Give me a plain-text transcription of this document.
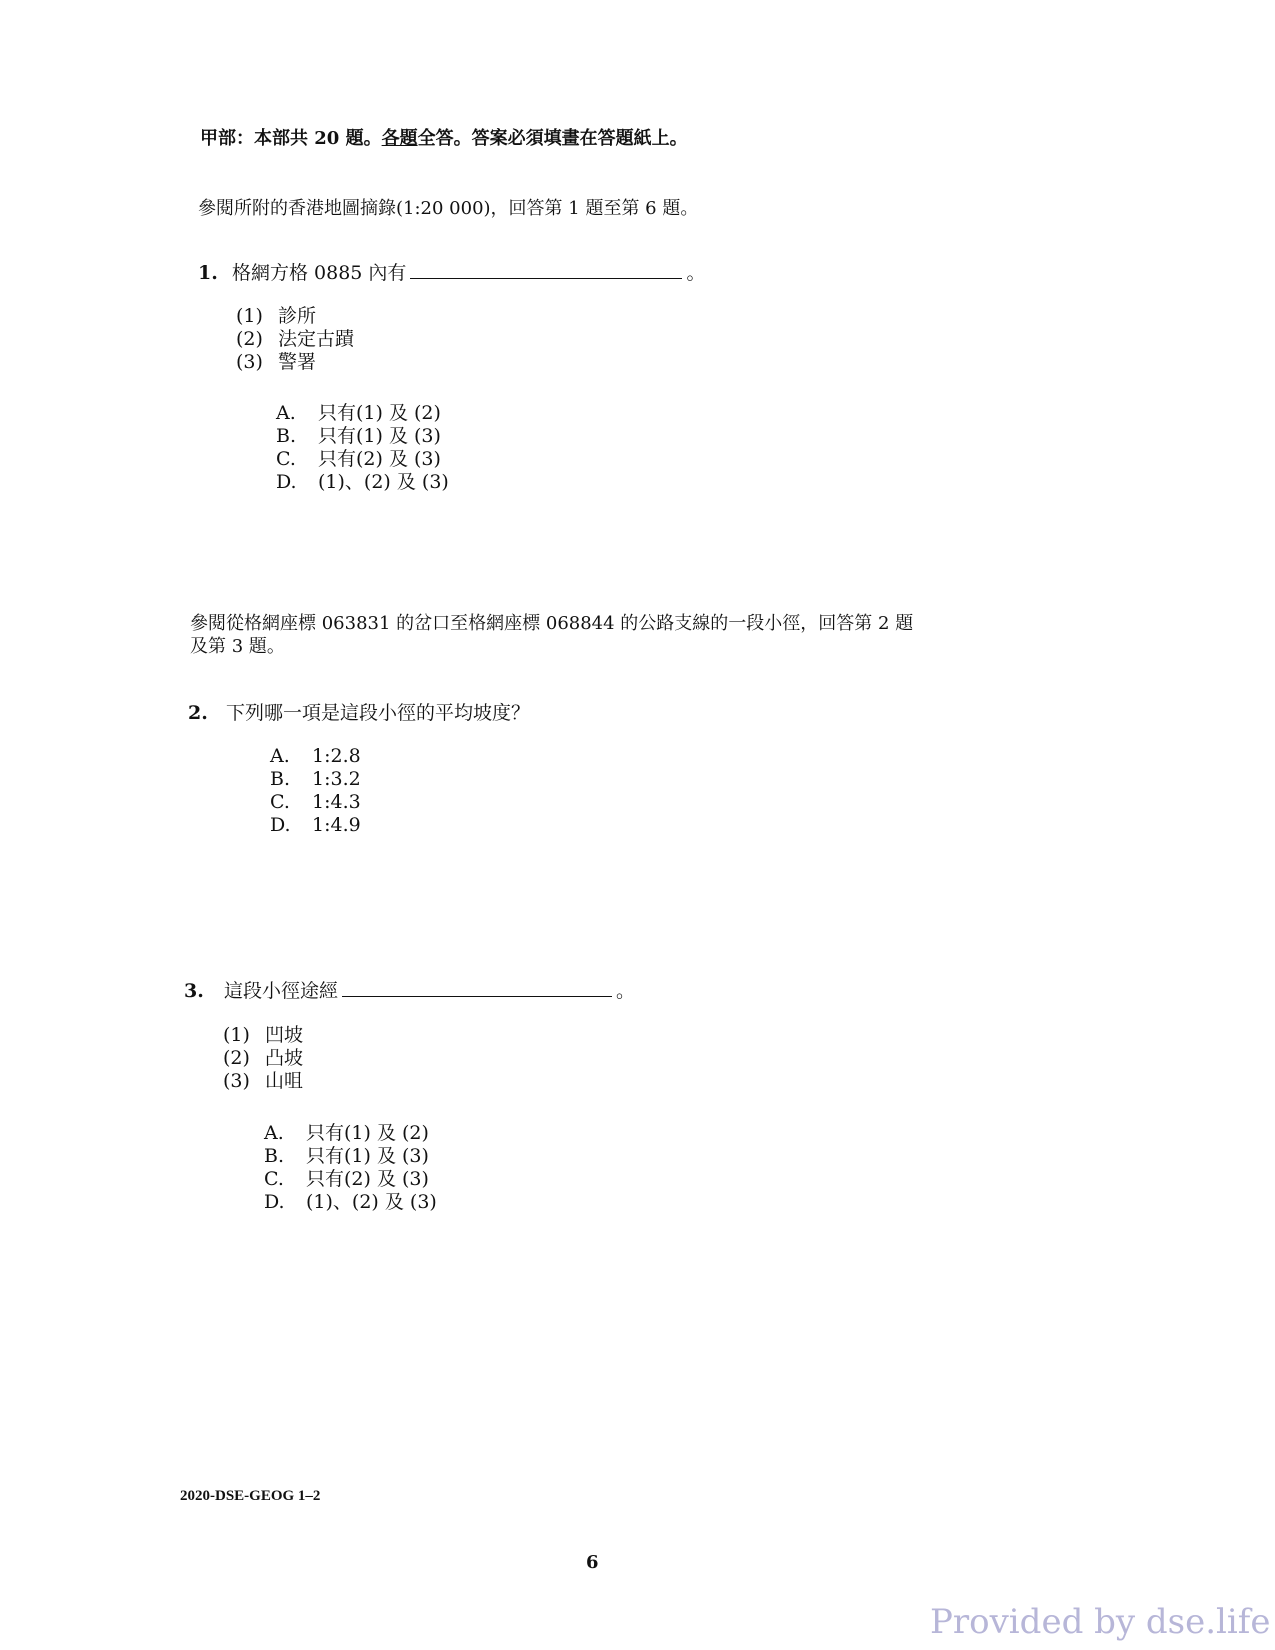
甲部：本部共 20 題。各題全答。答案必須填畫在答題紙上。
參閱所附的香港地圖摘錄(1:20 000)，回答第 1 題至第 6 題。
1. 格網方格 0885 內有	。
(1) 診所
(2) 法定古蹟
(3) 警署
A. 只有(1) 及 (2)
B. 只有(1) 及 (3)
C. 只有(2) 及 (3)
D. (1)、(2) 及 (3)
參閱從格網座標 063831 的岔口至格網座標 068844 的公路支線的一段小徑，回答第 2 題
及第 3 題。
2. 下列哪一項是這段小徑的平均坡度？
A. 1:2.8
B. 1:3.2
C. 1:4.3
D. 1:4.9
3. 這段小徑途經	。
(1) 凹坡
(2) 凸坡
(3) 山咀
A. 只有(1) 及 (2)
B. 只有(1) 及 (3)
C. 只有(2) 及 (3)
D. (1)、(2) 及 (3)
2020-DSE-GEOG 1–2
6
Provided by dse.life
